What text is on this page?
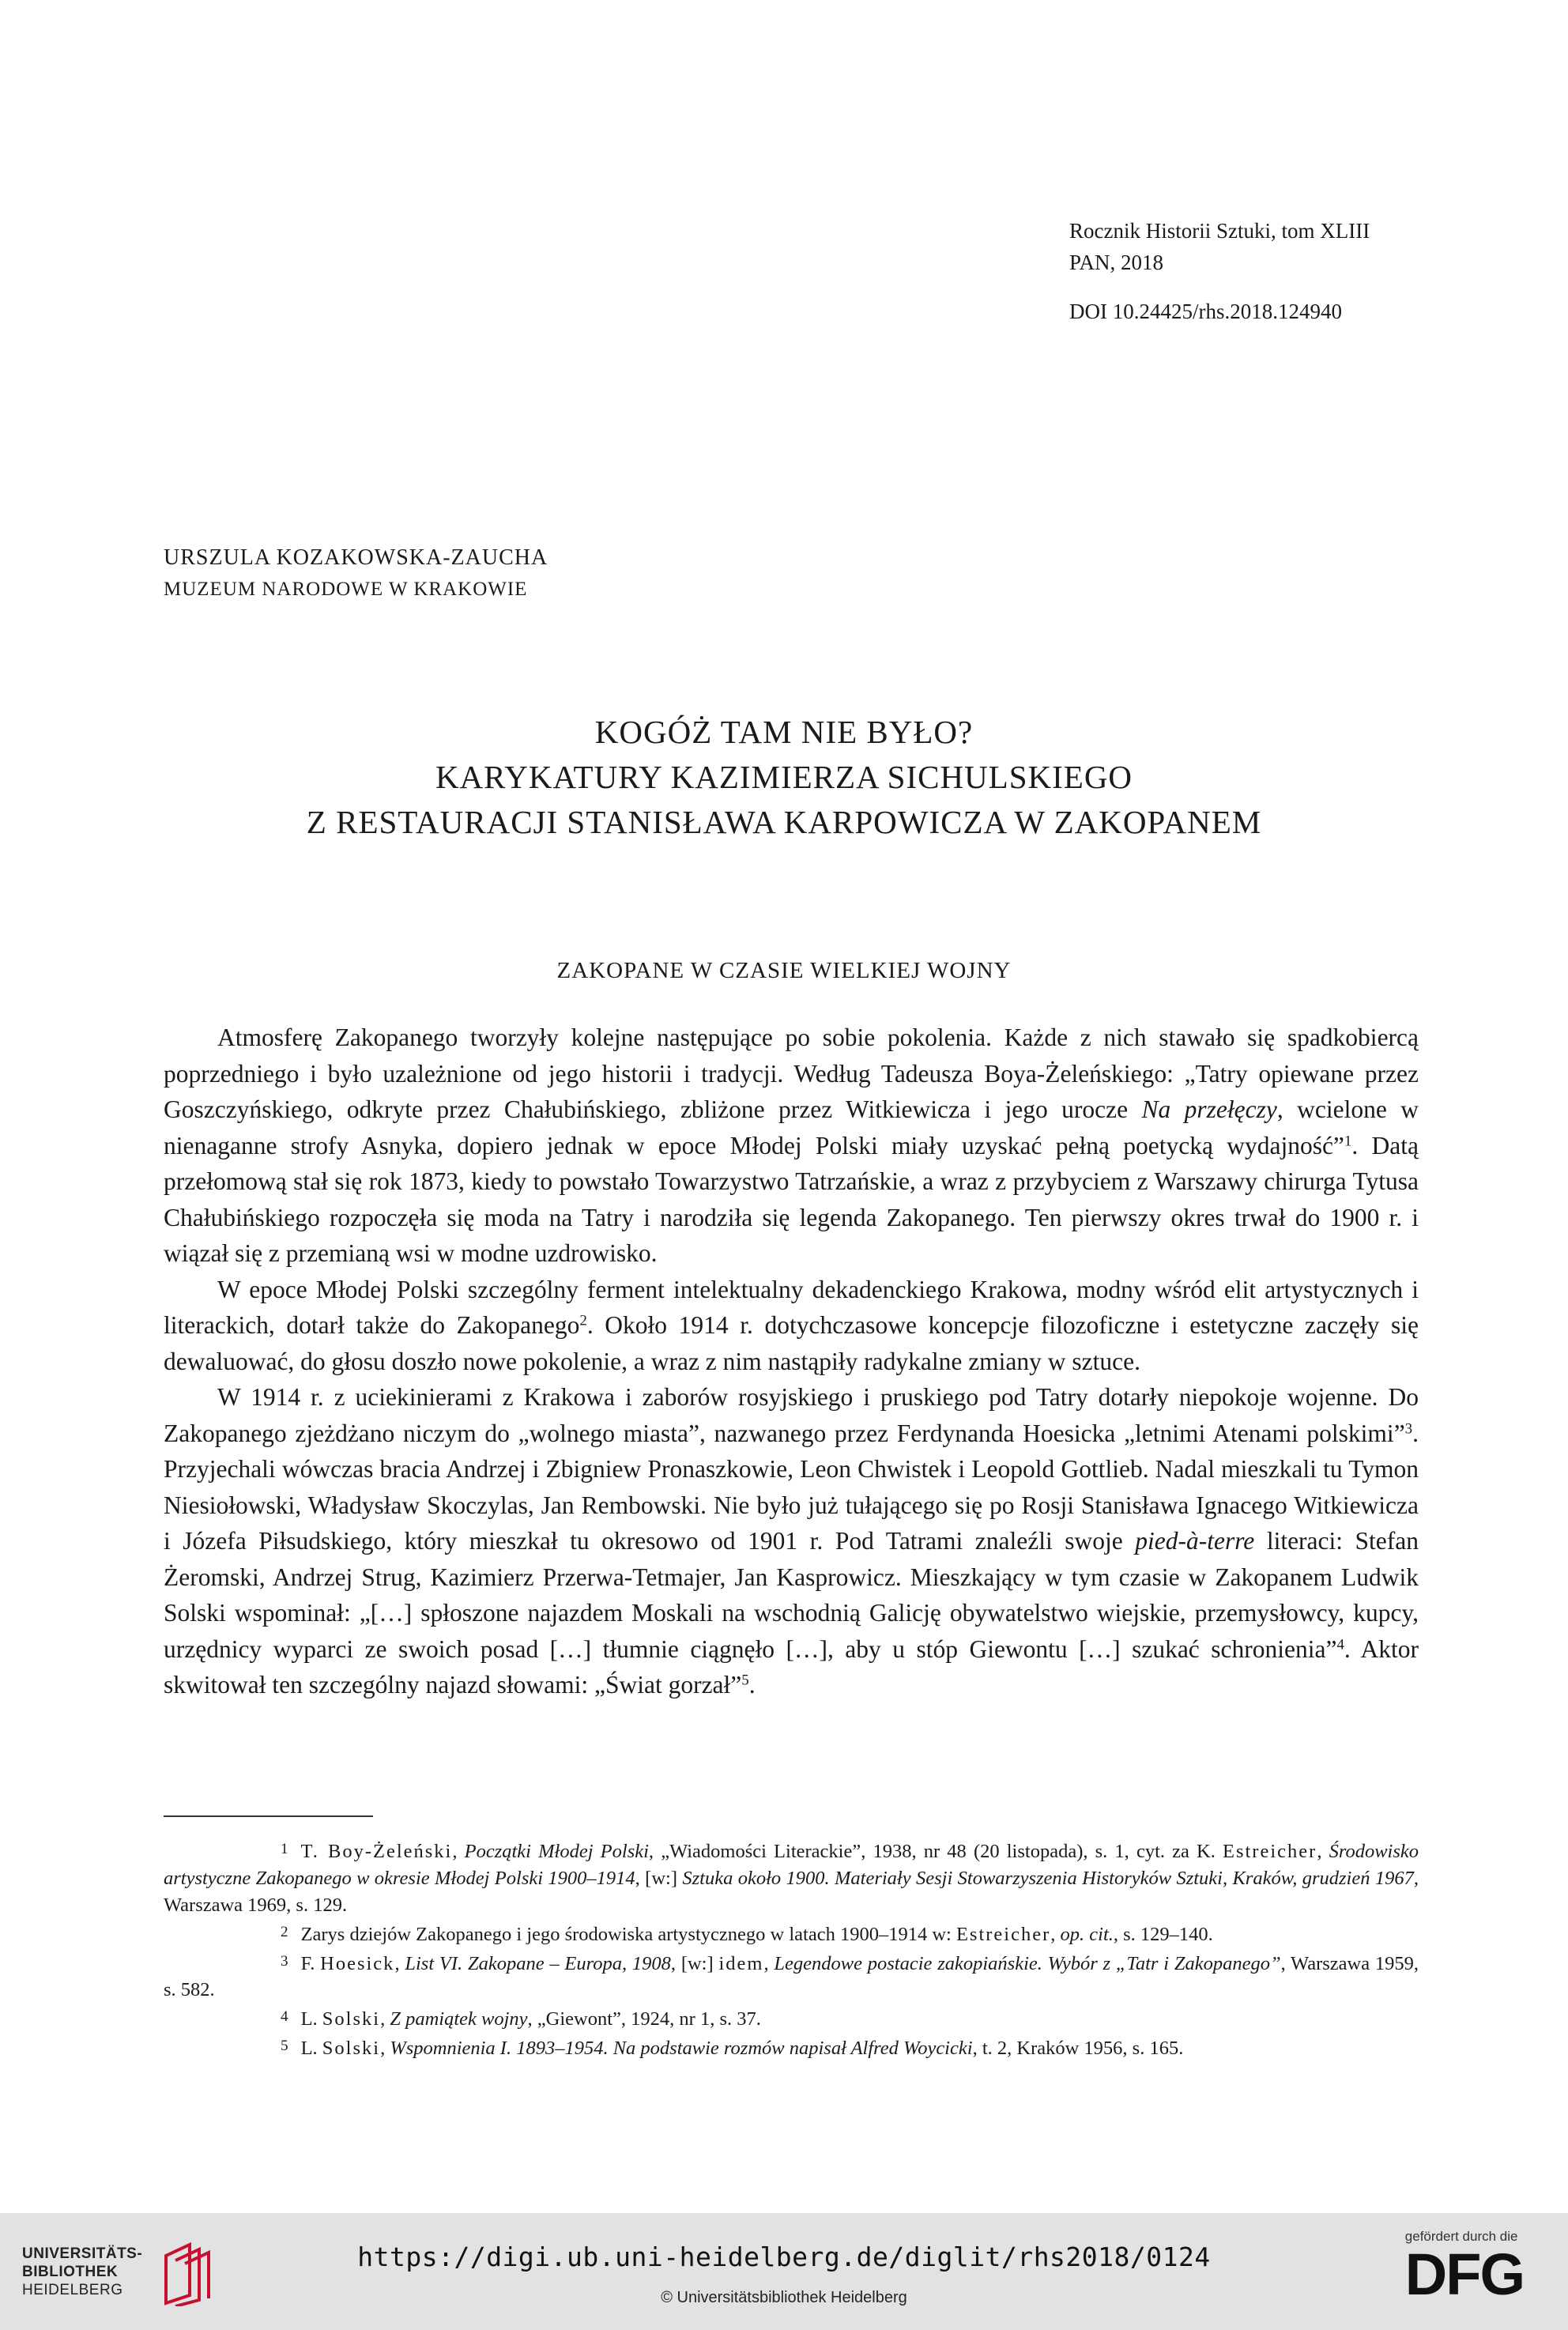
Rocznik Historii Sztuki, tom XLIII
PAN, 2018
DOI 10.24425/rhs.2018.124940
URSZULA KOZAKOWSKA-ZAUCHA
MUZEUM NARODOWE W KRAKOWIE
KOGÓŻ TAM NIE BYŁO?
KARYKATURY KAZIMIERZA SICHULSKIEGO
Z RESTAURACJI STANISŁAWA KARPOWICZA W ZAKOPANEM
ZAKOPANE W CZASIE WIELKIEJ WOJNY

Atmosferę Zakopanego tworzyły kolejne następujące po sobie pokolenia. Każde z nich stawało się spadkobiercą poprzedniego i było uzależnione od jego historii i tradycji. Według Tadeusza Boya-Żeleńskiego: „Tatry opiewane przez Goszczyńskiego, odkryte przez Chałubińskiego, zbliżone przez Witkiewicza i jego urocze Na przełęczy, wcielone w nienaganne strofy Asnyka, dopiero jednak w epoce Młodej Polski miały uzyskać pełną poetycką wydajność”$^1$. Datą przełomową stał się rok 1873, kiedy to powstało Towarzystwo Tatrzańskie, a wraz z przybyciem z Warszawy chirurga Tytusa Chałubińskiego rozpoczęła się moda na Tatry i narodziła się legenda Zakopanego. Ten pierwszy okres trwał do 1900 r. i wiązał się z przemianą wsi w modne uzdrowisko.

W epoce Młodej Polski szczególny ferment intelektualny dekadenckiego Krakowa, modny wśród elit artystycznych i literackich, dotarł także do Zakopanego$^2$. Około 1914 r. dotychczasowe koncepcje filozoficzne i estetyczne zaczęły się dewaluować, do głosu doszło nowe pokolenie, a wraz z nim nastąpiły radykalne zmiany w sztuce.

W 1914 r. z uciekinierami z Krakowa i zaborów rosyjskiego i pruskiego pod Tatry dotarły niepokoje wojenne. Do Zakopanego zjeżdżano niczym do „wolnego miasta”, nazwanego przez Ferdynanda Hoesicka „letnimi Atenami polskimi”$^3$. Przyjechali wówczas bracia Andrzej i Zbigniew Pronaszkowie, Leon Chwistek i Leopold Gottlieb. Nadal mieszkali tu Tymon Niesiołowski, Władysław Skoczylas, Jan Rembowski. Nie było już tułającego się po Rosji Stanisława Ignacego Witkiewicza i Józefa Piłsudskiego, który mieszkał tu okresowo od 1901 r. Pod Tatrami znaleźli swoje pied-à-terre literaci: Stefan Żeromski, Andrzej Strug, Kazimierz Przerwa-Tetmajer, Jan Kasprowicz. Mieszkający w tym czasie w Zakopanem Ludwik Solski wspominał: „[…] spłoszone najazdem Moskali na wschodnią Galicję obywatelstwo wiejskie, przemysłowcy, kupcy, urzędnicy wyparci ze swoich posad […] tłumnie ciągnęło […], aby u stóp Giewontu […] szukać schronienia”$^4$. Aktor skwitował ten szczególny najazd słowami: „Świat gorzał”$^5$.

1 T. Boy-Żeleński, Początki Młodej Polski, „Wiadomości Literackie”, 1938, nr 48 (20 listopada), s. 1, cyt. za K. Estreicher, Środowisko artystyczne Zakopanego w okresie Młodej Polski 1900–1914, [w:] Sztuka około 1900. Materiały Sesji Stowarzyszenia Historyków Sztuki, Kraków, grudzień 1967, Warszawa 1969, s. 129.

2 Zarys dziejów Zakopanego i jego środowiska artystycznego w latach 1900–1914 w: Estreicher, op. cit., s. 129–140.

3 F. Hoesick, List VI. Zakopane – Europa, 1908, [w:] idem, Legendowe postacie zakopiańskie. Wybór z „Tatr i Zakopanego”, Warszawa 1959, s. 582.

4 L. Solski, Z pamiątek wojny, „Giewont”, 1924, nr 1, s. 37.

5 L. Solski, Wspomnienia I. 1893–1954. Na podstawie rozmów napisał Alfred Woycicki, t. 2, Kraków 1956, s. 165.

UNIVERSITÄTS-
BIBLIOTHEK
HEIDELBERG
https://digi.ub.uni-heidelberg.de/diglit/rhs2018/0124
© Universitätsbibliothek Heidelberg
gefördert durch die
DFG
